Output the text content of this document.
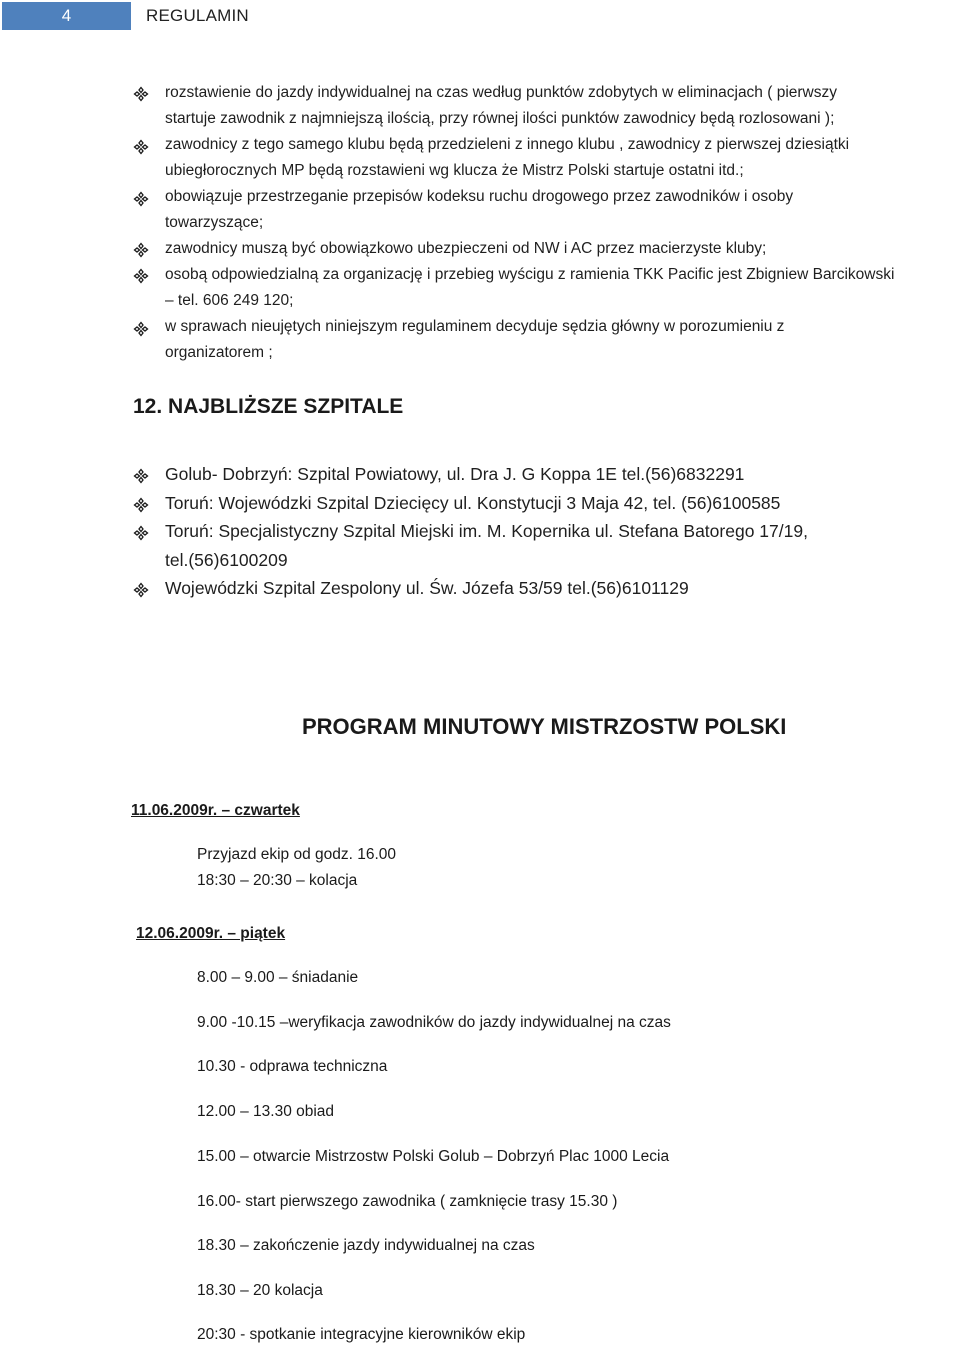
4	REGULAMIN
rozstawienie do jazdy indywidualnej na czas według punktów zdobytych w eliminacjach ( pierwszy
startuje zawodnik z najmniejszą ilością, przy równej ilości punktów zawodnicy będą rozlosowani );
zawodnicy z tego samego klubu będą przedzieleni z innego klubu , zawodnicy z pierwszej dziesiątki
ubiegłorocznych MP będą rozstawieni wg klucza że Mistrz Polski startuje ostatni itd.;
obowiązuje przestrzeganie przepisów kodeksu ruchu drogowego przez zawodników i osoby
towarzyszące;
zawodnicy muszą być obowiązkowo ubezpieczeni od NW i AC przez macierzyste kluby;
osobą odpowiedzialną za organizację i przebieg wyścigu z ramienia TKK Pacific jest Zbigniew Barcikowski
– tel. 606 249 120;
w sprawach nieujętych niniejszym regulaminem decyduje sędzia główny w porozumieniu z
organizatorem ;
12. NAJBLIŻSZE SZPITALE
Golub- Dobrzyń: Szpital Powiatowy, ul. Dra J. G Koppa 1E tel.(56)6832291
Toruń: Wojewódzki Szpital Dziecięcy ul. Konstytucji 3 Maja 42, tel. (56)6100585
Toruń: Specjalistyczny Szpital Miejski im. M. Kopernika ul. Stefana Batorego 17/19,
tel.(56)6100209
Wojewódzki Szpital Zespolony ul. Św. Józefa 53/59 tel.(56)6101129
PROGRAM MINUTOWY MISTRZOSTW POLSKI
11.06.2009r. – czwartek
Przyjazd ekip od godz. 16.00
18:30 – 20:30 – kolacja
12.06.2009r. – piątek
8.00 – 9.00 – śniadanie
9.00 -10.15 –weryfikacja zawodników do jazdy indywidualnej na czas
10.30 - odprawa techniczna
12.00 – 13.30 obiad
15.00 – otwarcie Mistrzostw Polski Golub – Dobrzyń Plac 1000 Lecia
16.00- start pierwszego zawodnika ( zamknięcie trasy 15.30 )
18.30 – zakończenie jazdy indywidualnej na czas
18.30 – 20 kolacja
20:30 - spotkanie integracyjne kierowników ekip
